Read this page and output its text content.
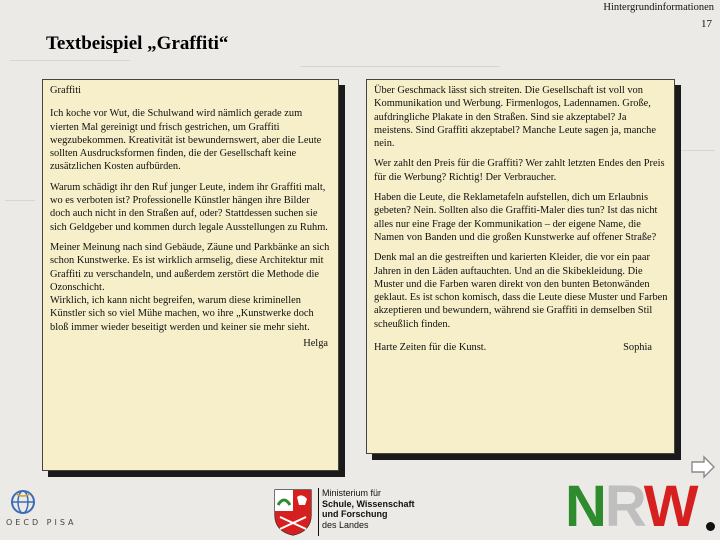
Hintergrundinformationen
17
Textbeispiel „Graffiti“

Graffiti

Ich koche vor Wut, die Schulwand wird nämlich gerade zum vierten Mal gereinigt und frisch gestrichen, um Graffiti wegzubekommen. Kreativität ist bewundernswert, aber die Leute sollten Ausdrucksformen finden, die der Gesellschaft keine zusätzlichen Kosten aufbürden.

Warum schädigt ihr den Ruf junger Leute, indem ihr Graffiti malt, wo es verboten ist? Professionelle Künstler hängen ihre Bilder doch auch nicht in den Straßen auf, oder? Stattdessen suchen sie sich Geldgeber und kommen durch legale Ausstellungen zu Ruhm.

Meiner Meinung nach sind Gebäude, Zäune und Parkbänke an sich schon Kunstwerke. Es ist wirklich armselig, diese Architektur mit Graffiti zu verschandeln, und außerdem zerstört die Methode die Ozonschicht.

Wirklich, ich kann nicht begreifen, warum diese kriminellen Künstler sich so viel Mühe machen, wo ihre „Kunstwerke doch bloß immer wieder beseitigt werden und keiner sie mehr sieht.

Helga

Über Geschmack lässt sich streiten. Die Gesellschaft ist voll von Kommunikation und Werbung. Firmenlogos, Ladennamen. Große, aufdringliche Plakate in den Straßen. Sind sie akzeptabel? Ja meistens. Sind Graffiti akzeptabel? Manche Leute sagen ja, manche nein.

Wer zahlt den Preis für die Graffiti? Wer zahlt letzten Endes den Preis für die Werbung? Richtig! Der Verbraucher.

Haben die Leute, die Reklametafeln aufstellen, dich um Erlaubnis gebeten? Nein. Sollten also die Graffiti-Maler dies tun? Ist das nicht alles nur eine Frage der Kommunikation – der eigene Name, die Namen von Banden und die großen Kunstwerke auf offener Straße?

Denk mal an die gestreiften und karierten Kleider, die vor ein paar Jahren in den Läden auftauchten. Und an die Skibekleidung. Die Muster und die Farben waren direkt von den bunten Betonwänden geklaut. Es ist schon komisch, dass die Leute diese Muster und Farben akzeptieren und bewundern, während sie Graffiti in demselben Stil scheußlich finden.

Harte Zeiten für die Kunst.	Sophia
OECD PISA
Ministerium für
Schule, Wissenschaft
und Forschung
des Landes	NRW
